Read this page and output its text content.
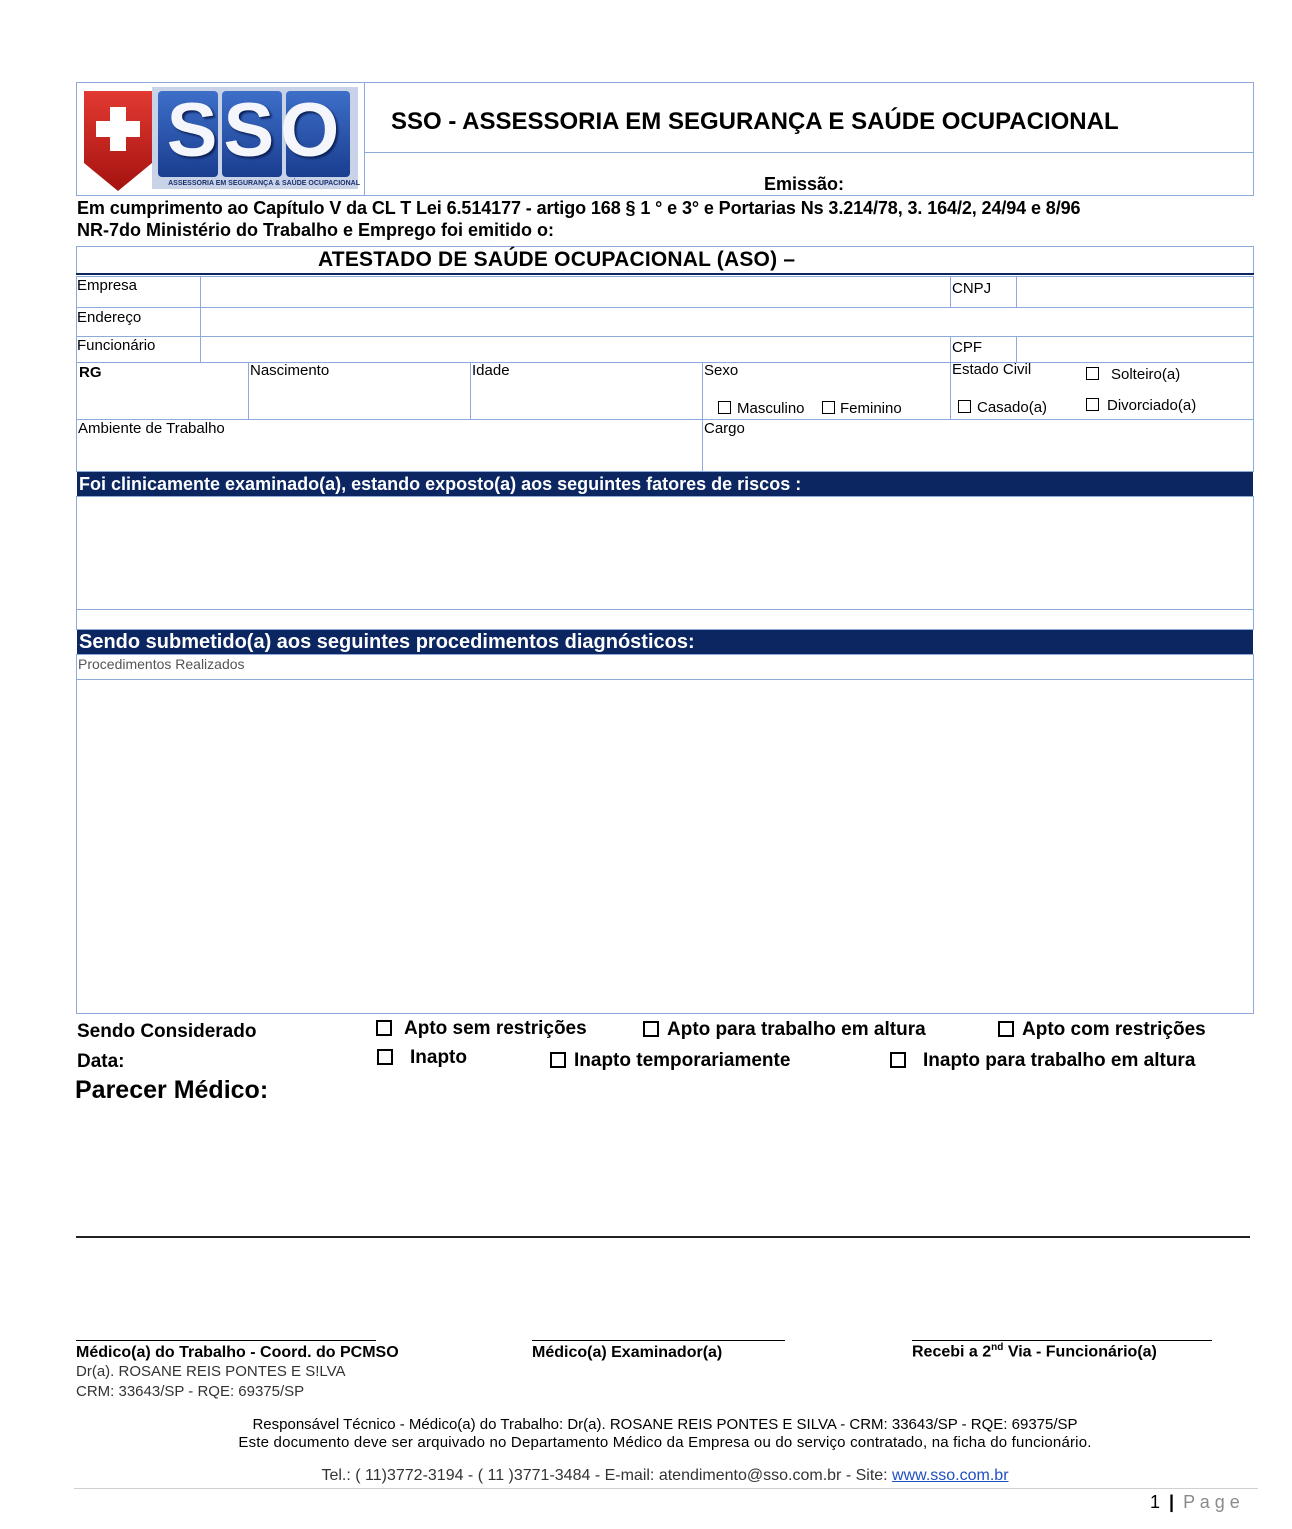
SSO
ASSESSORIA EM SEGURANÇA & SAÚDE OCUPACIONAL
SSO - ASSESSORIA EM SEGURANÇA E SAÚDE OCUPACIONAL
Emissão:
Em cumprimento ao Capítulo V da CL T Lei 6.514177 - artigo 168 § 1 ° e 3° e Portarias Ns 3.214/78, 3. 164/2, 24/94 e 8/96
NR-7do Ministério do Trabalho e Emprego foi emitido o:
ATESTADO DE SAÚDE OCUPACIONAL (ASO) –
Empresa	CNPJ
Endereço
Funcionário	CPF
RG	Nascimento	Idade	Sexo
Masculino	Feminino
Estado Civil	Solteiro(a)
Casado(a)	Divorciado(a)
Ambiente de Trabalho	Cargo
Foi clinicamente examinado(a), estando exposto(a) aos seguintes fatores de riscos :
Sendo submetido(a) aos seguintes procedimentos diagnósticos:
Procedimentos Realizados
Sendo Considerado
Data:
Apto sem restrições	Apto para trabalho em altura	Apto com restrições
Inapto	Inapto temporariamente	Inapto para trabalho em altura
Parecer Médico:
Médico(a) do Trabalho - Coord. do PCMSO
Dr(a). ROSANE REIS PONTES E S!LVA
CRM: 33643/SP - RQE: 69375/SP
Médico(a) Examinador(a)	Recebi a 2nd Via - Funcionário(a)
Responsável Técnico - Médico(a) do Trabalho: Dr(a). ROSANE REIS PONTES E SILVA - CRM: 33643/SP - RQE: 69375/SP
Este documento deve ser arquivado no Departamento Médico da Empresa ou do serviço contratado, na ficha do funcionário.
Tel.: ( 11)3772-3194 - ( 11 )3771-3484 - E-mail: atendimento@sso.com.br - Site: www.sso.com.br
1 | P a g e
